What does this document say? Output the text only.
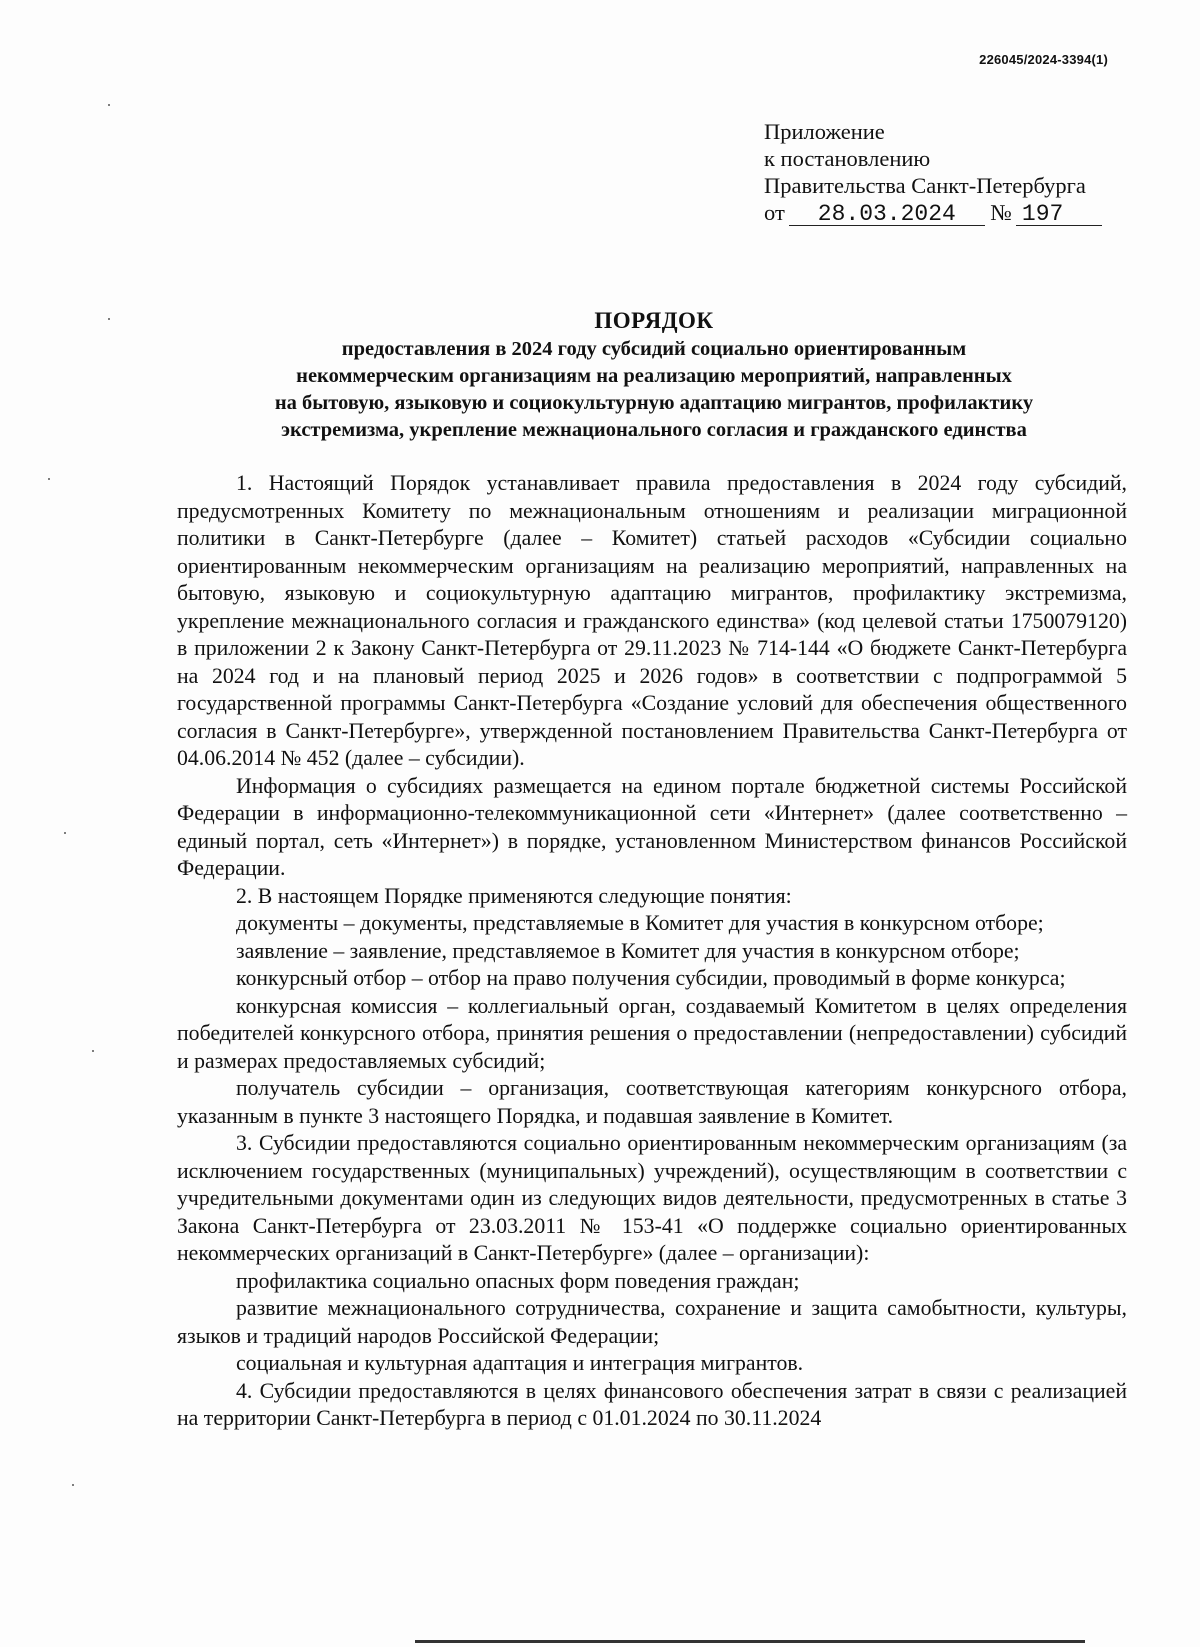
226045/2024-3394(1)
Приложение
к постановлению
Правительства Санкт-Петербурга
от 28.03.2024 № 197
ПОРЯДОК
предоставления в 2024 году субсидий социально ориентированным
некоммерческим организациям на реализацию мероприятий, направленных
на бытовую, языковую и социокультурную адаптацию мигрантов, профилактику
экстремизма, укрепление межнационального согласия и гражданского единства

1. Настоящий Порядок устанавливает правила предоставления в 2024 году субсидий, предусмотренных Комитету по межнациональным отношениям и реализации миграционной политики в Санкт-Петербурге (далее – Комитет) статьей расходов «Субсидии социально ориентированным некоммерческим организациям на реализацию мероприятий, направленных на бытовую, языковую и социокультурную адаптацию мигрантов, профилактику экстремизма, укрепление межнационального согласия и гражданского единства» (код целевой статьи 1750079120) в приложении 2 к Закону Санкт-Петербурга от 29.11.2023 № 714-144 «О бюджете Санкт-Петербурга на 2024 год и на плановый период 2025 и 2026 годов» в соответствии с подпрограммой 5 государственной программы Санкт-Петербурга «Создание условий для обеспечения общественного согласия в Санкт-Петербурге», утвержденной постановлением Правительства Санкт-Петербурга от 04.06.2014 № 452 (далее – субсидии).

Информация о субсидиях размещается на едином портале бюджетной системы Российской Федерации в информационно-телекоммуникационной сети «Интернет» (далее соответственно – единый портал, сеть «Интернет») в порядке, установленном Министерством финансов Российской Федерации.

2. В настоящем Порядке применяются следующие понятия:

документы – документы, представляемые в Комитет для участия в конкурсном отборе;

заявление – заявление, представляемое в Комитет для участия в конкурсном отборе;

конкурсный отбор – отбор на право получения субсидии, проводимый в форме конкурса;

конкурсная комиссия – коллегиальный орган, создаваемый Комитетом в целях определения победителей конкурсного отбора, принятия решения о предоставлении (непредоставлении) субсидий и размерах предоставляемых субсидий;

получатель субсидии – организация, соответствующая категориям конкурсного отбора, указанным в пункте 3 настоящего Порядка, и подавшая заявление в Комитет.

3. Субсидии предоставляются социально ориентированным некоммерческим организациям (за исключением государственных (муниципальных) учреждений), осуществляющим в соответствии с учредительными документами один из следующих видов деятельности, предусмотренных в статье 3 Закона Санкт-Петербурга от 23.03.2011 № 153-41 «О поддержке социально ориентированных некоммерческих организаций в Санкт-Петербурге» (далее – организации):

профилактика социально опасных форм поведения граждан;

развитие межнационального сотрудничества, сохранение и защита самобытности, культуры, языков и традиций народов Российской Федерации;

социальная и культурная адаптация и интеграция мигрантов.

4. Субсидии предоставляются в целях финансового обеспечения затрат в связи с реализацией на территории Санкт-Петербурга в период с 01.01.2024 по 30.11.2024
